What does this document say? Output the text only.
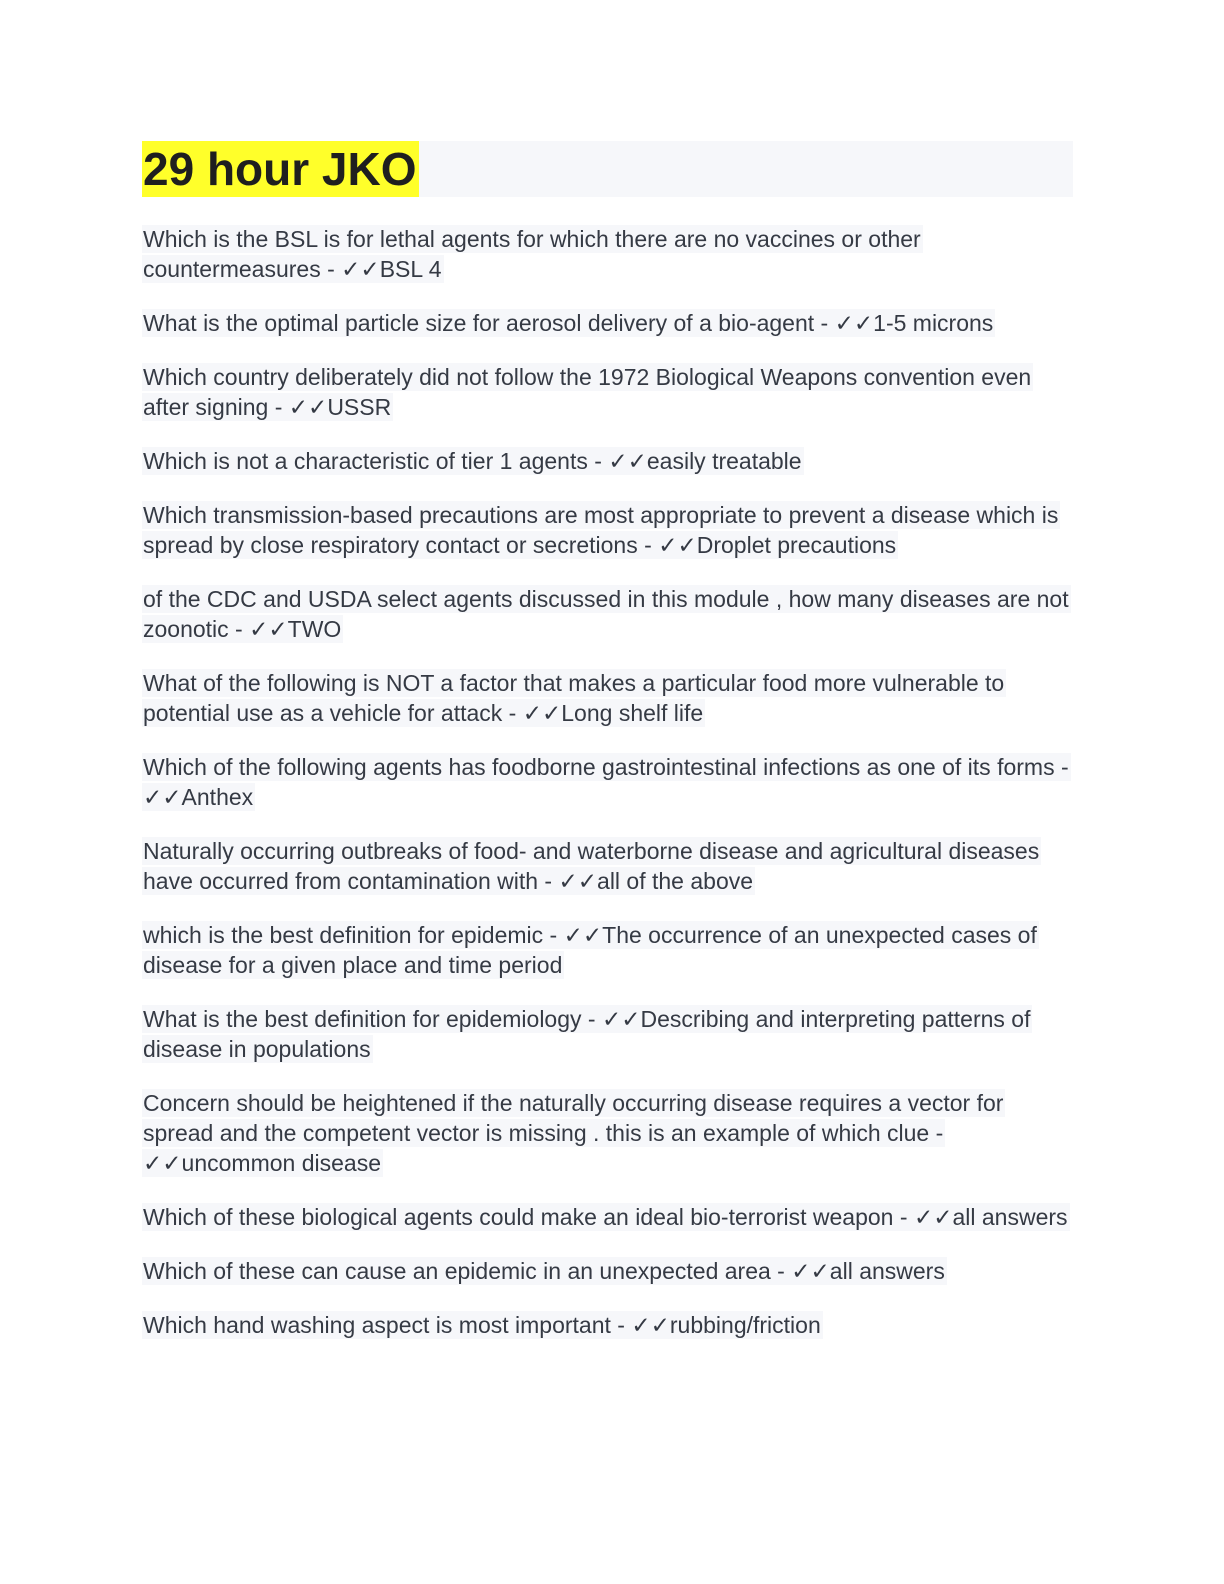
29 hour JKO
Which is the BSL is for lethal agents for which there are no vaccines or other countermeasures - ✓✓BSL 4
What is the optimal particle size for aerosol delivery of a bio-agent - ✓✓1-5 microns
Which country deliberately did not follow the 1972 Biological Weapons convention even after signing - ✓✓USSR
Which is not a characteristic of tier 1 agents - ✓✓easily treatable
Which transmission-based precautions are most appropriate to prevent a disease which is spread by close respiratory contact or secretions - ✓✓Droplet precautions
of the CDC and USDA select agents discussed in this module , how many diseases are not zoonotic - ✓✓TWO
What of the following is NOT a factor that makes a particular food more vulnerable to potential use as a vehicle for attack - ✓✓Long shelf life
Which of the following agents has foodborne gastrointestinal infections as one of its forms - ✓✓Anthex
Naturally occurring outbreaks of food- and waterborne disease and agricultural diseases have occurred from contamination with - ✓✓all of the above
which is the best definition for epidemic - ✓✓The occurrence of an unexpected cases of disease for a given place and time period
What is the best definition for epidemiology - ✓✓Describing and interpreting patterns of disease in populations
Concern should be heightened if the naturally occurring disease requires a vector for spread and the competent vector is missing . this is an example of which clue - ✓✓uncommon disease
Which of these biological agents could make an ideal bio-terrorist weapon - ✓✓all answers
Which of these can cause an epidemic in an unexpected area - ✓✓all answers
Which hand washing aspect is most important - ✓✓rubbing/friction
